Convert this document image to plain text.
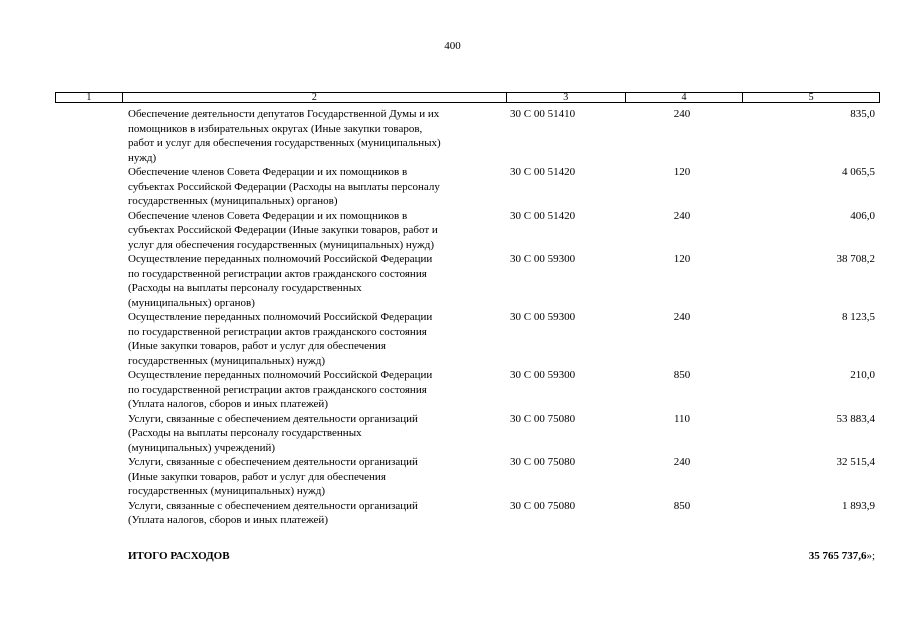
400
1	2	3	4	5
Обеспечение деятельности депутатов Государственной Думы и их
помощников в избирательных округах (Иные закупки товаров,
работ и услуг для обеспечения государственных (муниципальных)
нужд)
30 С 00 51410	240	835,0
Обеспечение членов Совета Федерации и их помощников в
субъектах Российской Федерации (Расходы на выплаты персоналу
государственных (муниципальных) органов)
30 С 00 51420	120	4 065,5
Обеспечение членов Совета Федерации и их помощников в
субъектах Российской Федерации (Иные закупки товаров, работ и
услуг для обеспечения государственных (муниципальных) нужд)
30 С 00 51420	240	406,0
Осуществление переданных полномочий Российской Федерации
по государственной регистрации актов гражданского состояния
(Расходы на выплаты персоналу государственных
(муниципальных) органов)
30 С 00 59300	120	38 708,2
Осуществление переданных полномочий Российской Федерации
по государственной регистрации актов гражданского состояния
(Иные закупки товаров, работ и услуг для обеспечения
государственных (муниципальных) нужд)
30 С 00 59300	240	8 123,5
Осуществление переданных полномочий Российской Федерации
по государственной регистрации актов гражданского состояния
(Уплата налогов, сборов и иных платежей)
30 С 00 59300	850	210,0
Услуги, связанные с обеспечением деятельности организаций
(Расходы на выплаты персоналу государственных
(муниципальных) учреждений)
30 С 00 75080	110	53 883,4
Услуги, связанные с обеспечением деятельности организаций
(Иные закупки товаров, работ и услуг для обеспечения
государственных (муниципальных) нужд)
30 С 00 75080	240	32 515,4
Услуги, связанные с обеспечением деятельности организаций
(Уплата налогов, сборов и иных платежей)
30 С 00 75080	850	1 893,9
ИТОГО РАСХОДОВ	35 765 737,6»;
